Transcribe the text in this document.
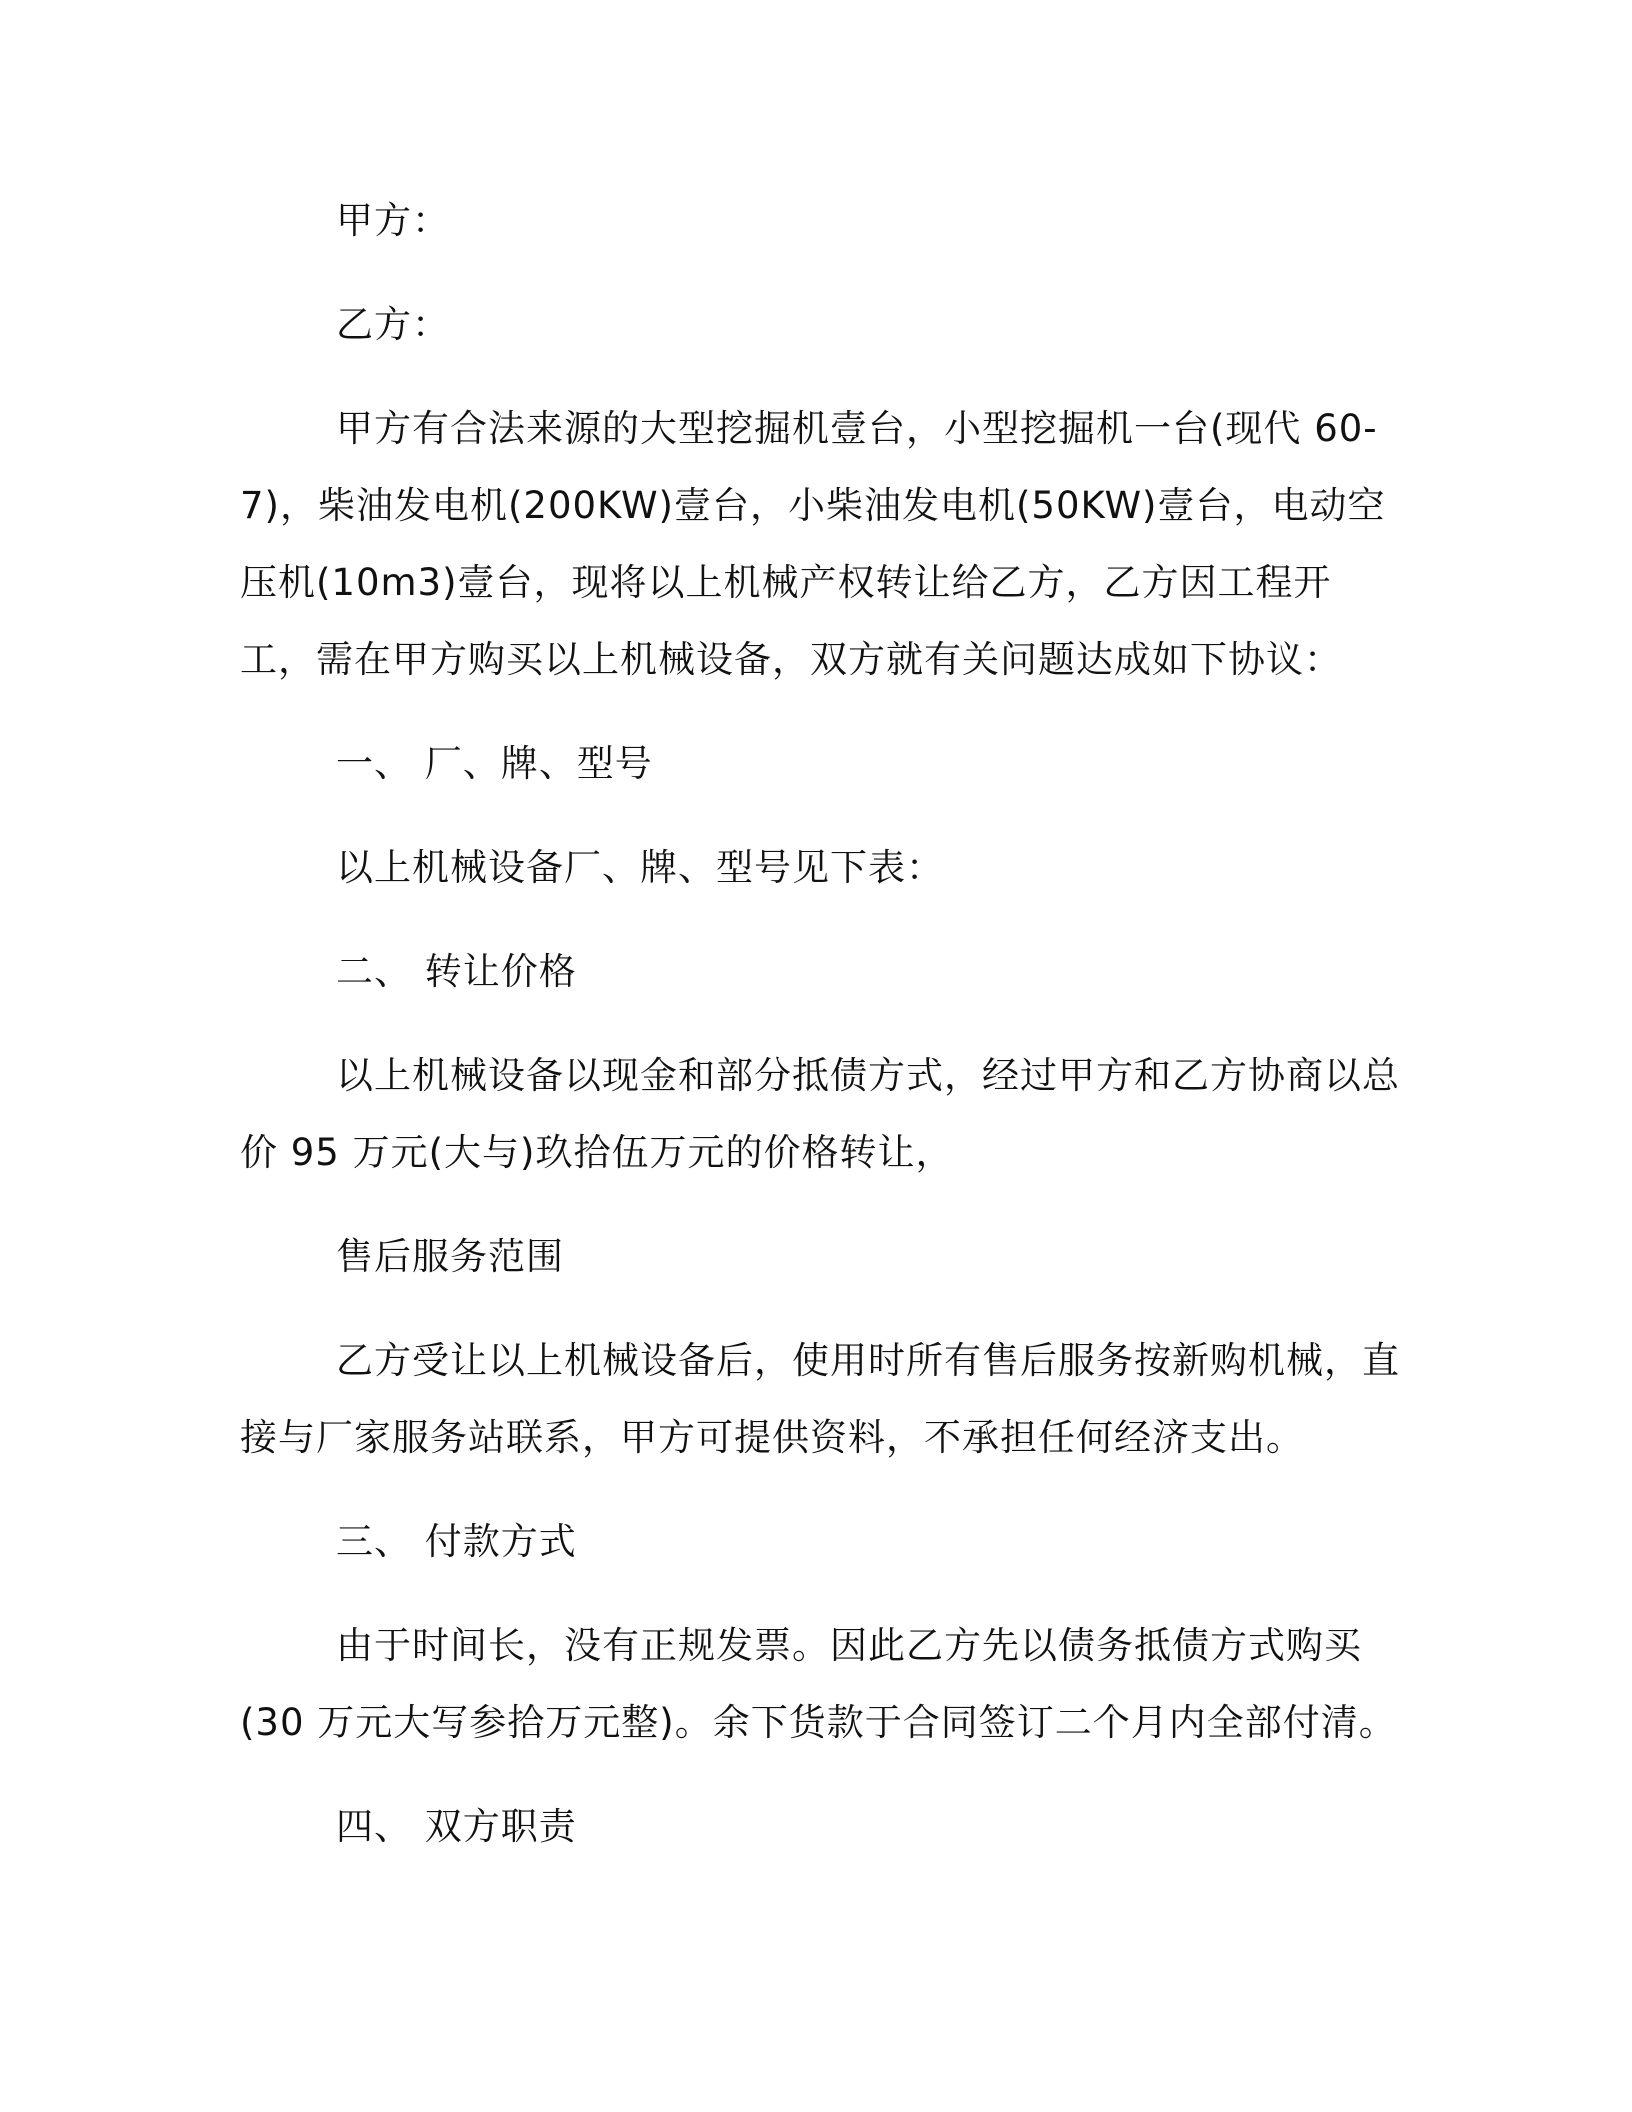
甲方：

乙方：

甲方有合法来源的大型挖掘机壹台，小型挖掘机一台(现代 60-7)，柴油发电机(200KW)壹台，小柴油发电机(50KW)壹台，电动空压机(10m3)壹台，现将以上机械产权转让给乙方，乙方因工程开工，需在甲方购买以上机械设备，双方就有关问题达成如下协议：

一、 厂、牌、型号

以上机械设备厂、牌、型号见下表：

二、 转让价格

以上机械设备以现金和部分抵债方式，经过甲方和乙方协商以总价 95 万元(大与)玖拾伍万元的价格转让，

售后服务范围

乙方受让以上机械设备后，使用时所有售后服务按新购机械，直接与厂家服务站联系，甲方可提供资料，不承担任何经济支出。

三、 付款方式

由于时间长，没有正规发票。因此乙方先以债务抵债方式购买(30 万元大写参拾万元整)。余下货款于合同签订二个月内全部付清。

四、 双方职责
